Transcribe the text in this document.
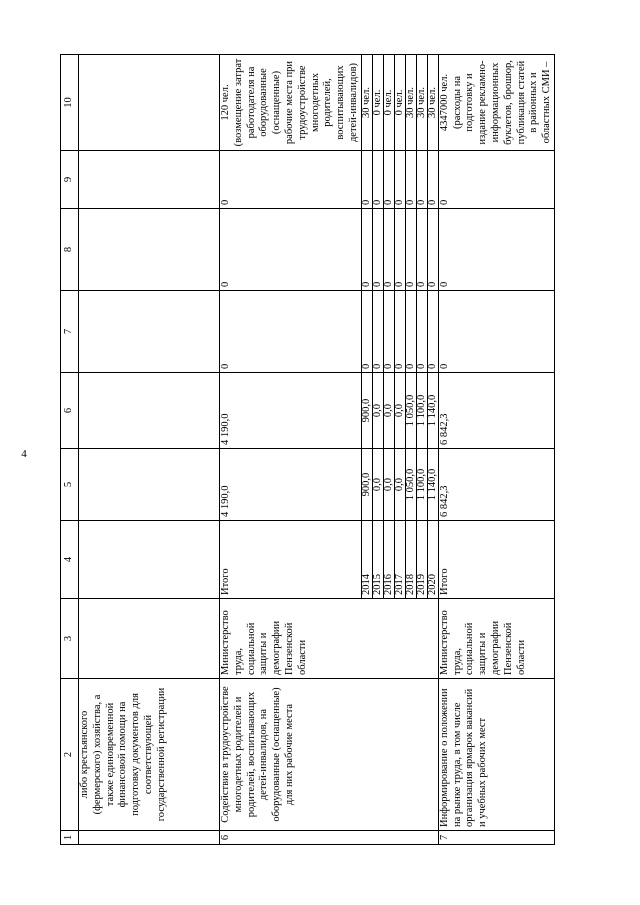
4
1	2	3	4	5	6	7	8	9	10
	либо крестьянского (фермерского) хозяйства, а также единовременной финансовой помощи на подготовку документов для соответствующей государственной регистрации								
6	Содействие в трудоустройстве многодетных родителей и родителей, воспитывающих детей-инвалидов, на оборудованные (оснащенные) для них рабочие места	Министерство труда, социальной защиты и демографии Пензенской области	Итого	4 190,0	4 190,0	0	0	0	120 чел. (возмещение затрат работодателя на оборудованные (оснащенные) рабочие места при трудоустройстве многодетных родителей, воспитывающих детей-инвалидов)
			2014	900,0	900,0	0	0	0	30 чел.
			2015	0,0	0,0	0	0	0	0 чел.
			2016	0,0	0,0	0	0	0	0 чел.
			2017	0,0	0,0	0	0	0	0 чел.
			2018	1 050,0	1 050,0	0	0	0	30 чел.
			2019	1 100,0	1 100,0	0	0	0	30 чел.
			2020	1 140,0	1 140,0	0	0	0	30 чел.
7	Информирование о положении на рынке труда, в том числе организация ярмарок вакансий и учебных рабочих мест	Министерство труда, социальной защиты и демографии Пензенской области	Итого	6 842,3	6 842,3	0	0	0	4347000 чел. (расходы на подготовку и издание рекламно-информационных буклетов, брошюр, публикация статей в районных и областных СМИ –
